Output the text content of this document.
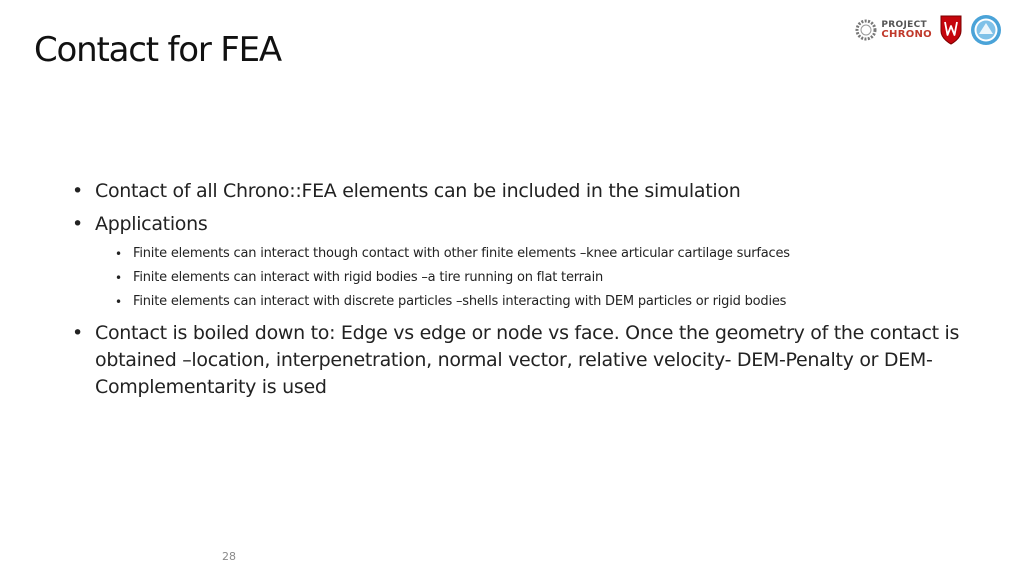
Contact for FEA
PROJECT
CHRONO
• Contact of all Chrono::FEA elements can be included in the simulation
• Applications
• Finite elements can interact though contact with other finite elements –knee articular cartilage surfaces
• Finite elements can interact with rigid bodies –a tire running on flat terrain
• Finite elements can interact with discrete particles –shells interacting with DEM particles or rigid bodies
• Contact is boiled down to: Edge vs edge or node vs face. Once the geometry of the contact is obtained –location, interpenetration, normal vector, relative velocity- DEM-Penalty or DEM-Complementarity is used
28
